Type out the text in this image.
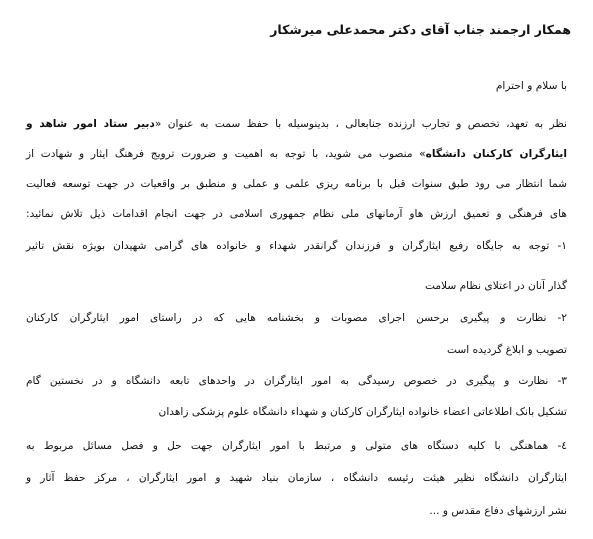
همکار ارجمند جناب آقای دکتر محمدعلی میرشکار
با سلام و احترام
نظر به تعهد، تخصص و تجارب ارزنده جنابعالی ، بدینوسیله با حفظ سمت به عنوان «دبیر ستاد امور شاهد و
ایثارگران کارکنان دانشگاه» منصوب می شوید، با توجه به اهمیت و ضرورت ترویج فرهنگ ایثار و شهادت از
شما انتظار می رود طبق سنوات قبل با برنامه ریزی علمی و عملی و منطبق بر واقعیات در جهت توسعه فعالیت
های فرهنگی و تعمیق ارزش هاو آرمانهای ملی نظام جمهوری اسلامی در جهت انجام اقدامات ذیل تلاش نمائید:
۱- توجه به جایگاه رفیع ایثارگران و فرزندان گرانقدر شهداء و خانواده های گرامی شهیدان بویژه نقش تاثیر
گذار آنان در اعتلای نظام سلامت
۲- نظارت و پیگیری برحسن اجرای مصوبات و بخشنامه هایی که در راستای امور ایثارگران کارکنان
تصویب و ابلاغ گردیده است
۳- نظارت و پیگیری در خصوص رسیدگی به امور ایثارگران در واحدهای تابعه دانشگاه و در نخستین گام
تشکیل بانک اطلاعاتی اعضاء خانواده ایثارگران کارکنان و شهداء دانشگاه علوم پزشکی زاهدان
٤- هماهنگی با کلیه دستگاه های متولی و مرتبط با امور ایثارگران جهت حل و فصل مسائل مربوط به
ایثارگران دانشگاه نظیر هیئت رئیسه دانشگاه ، سازمان بنیاد شهید و امور ایثارگران ، مرکز حفظ آثار و
نشر ارزشهای دفاع مقدس و ...
